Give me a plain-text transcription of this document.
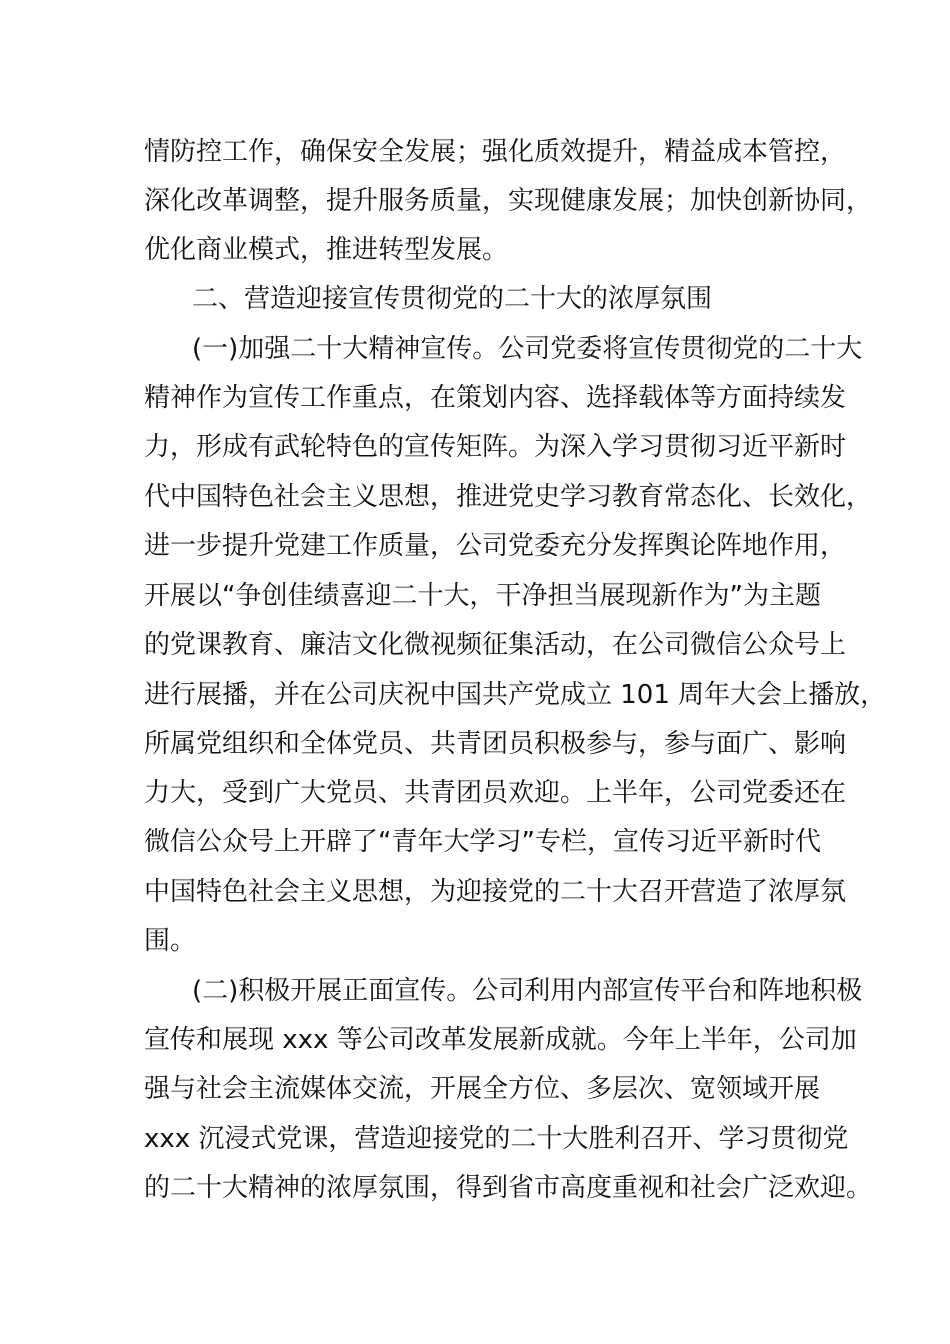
情防控工作，确保安全发展；强化质效提升，精益成本管控，
深化改革调整，提升服务质量，实现健康发展；加快创新协同，
优化商业模式，推进转型发展。
二、营造迎接宣传贯彻党的二十大的浓厚氛围
(一)加强二十大精神宣传。公司党委将宣传贯彻党的二十大
精神作为宣传工作重点，在策划内容、选择载体等方面持续发
力，形成有武轮特色的宣传矩阵。为深入学习贯彻习近平新时
代中国特色社会主义思想，推进党史学习教育常态化、长效化，
进一步提升党建工作质量，公司党委充分发挥舆论阵地作用，
开展以“争创佳绩喜迎二十大，干净担当展现新作为”为主题
的党课教育、廉洁文化微视频征集活动，在公司微信公众号上
进行展播，并在公司庆祝中国共产党成立 101 周年大会上播放，
所属党组织和全体党员、共青团员积极参与，参与面广、影响
力大，受到广大党员、共青团员欢迎。上半年，公司党委还在
微信公众号上开辟了“青年大学习”专栏，宣传习近平新时代
中国特色社会主义思想，为迎接党的二十大召开营造了浓厚氛
围。
(二)积极开展正面宣传。公司利用内部宣传平台和阵地积极
宣传和展现 xxx 等公司改革发展新成就。今年上半年，公司加
强与社会主流媒体交流，开展全方位、多层次、宽领域开展
xxx 沉浸式党课，营造迎接党的二十大胜利召开、学习贯彻党
的二十大精神的浓厚氛围，得到省市高度重视和社会广泛欢迎。
